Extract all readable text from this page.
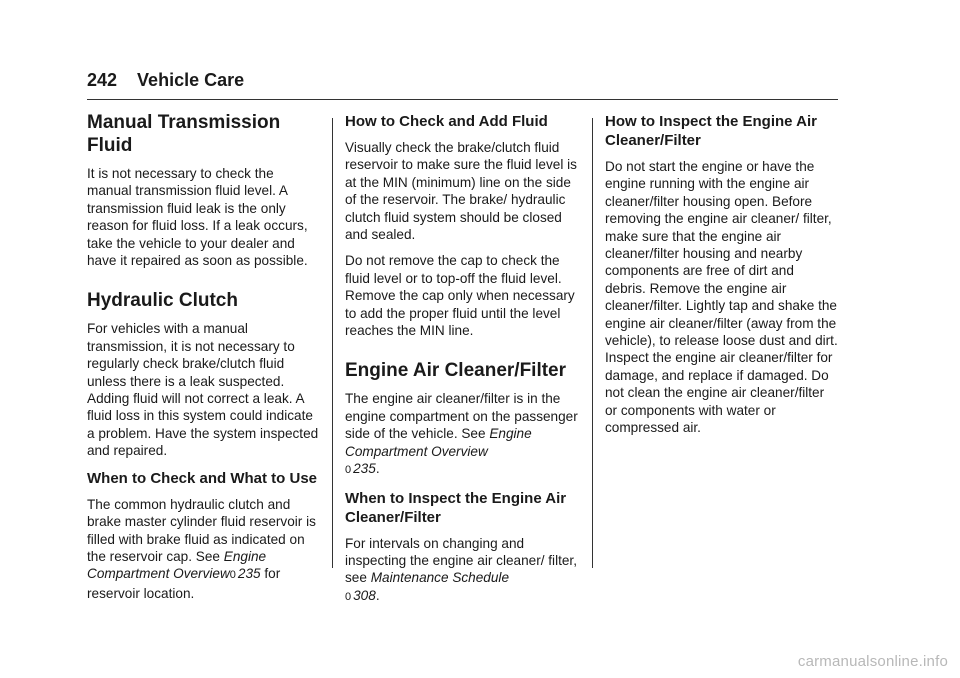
242 Vehicle Care
Manual Transmission Fluid

It is not necessary to check the manual transmission fluid level. A transmission fluid leak is the only reason for fluid loss. If a leak occurs, take the vehicle to your dealer and have it repaired as soon as possible.

Hydraulic Clutch

For vehicles with a manual transmission, it is not necessary to regularly check brake/clutch fluid unless there is a leak suspected. Adding fluid will not correct a leak. A fluid loss in this system could indicate a problem. Have the system inspected and repaired.

When to Check and What to Use

The common hydraulic clutch and brake master cylinder fluid reservoir is filled with brake fluid as indicated on the reservoir cap. See Engine Compartment Overview0 235 for reservoir location.

How to Check and Add Fluid

Visually check the brake/clutch fluid reservoir to make sure the fluid level is at the MIN (minimum) line on the side of the reservoir. The brake/ hydraulic clutch fluid system should be closed and sealed.

Do not remove the cap to check the fluid level or to top-off the fluid level. Remove the cap only when necessary to add the proper fluid until the level reaches the MIN line.

Engine Air Cleaner/Filter

The engine air cleaner/filter is in the engine compartment on the passenger side of the vehicle. See Engine Compartment Overview
0 235.

When to Inspect the Engine Air Cleaner/Filter

For intervals on changing and inspecting the engine air cleaner/ filter, see Maintenance Schedule
0 308.

How to Inspect the Engine Air Cleaner/Filter

Do not start the engine or have the engine running with the engine air cleaner/filter housing open. Before removing the engine air cleaner/ filter, make sure that the engine air cleaner/filter housing and nearby components are free of dirt and debris. Remove the engine air cleaner/filter. Lightly tap and shake the engine air cleaner/filter (away from the vehicle), to release loose dust and dirt. Inspect the engine air cleaner/filter for damage, and replace if damaged. Do not clean the engine air cleaner/filter or components with water or compressed air.

carmanualsonline.info
